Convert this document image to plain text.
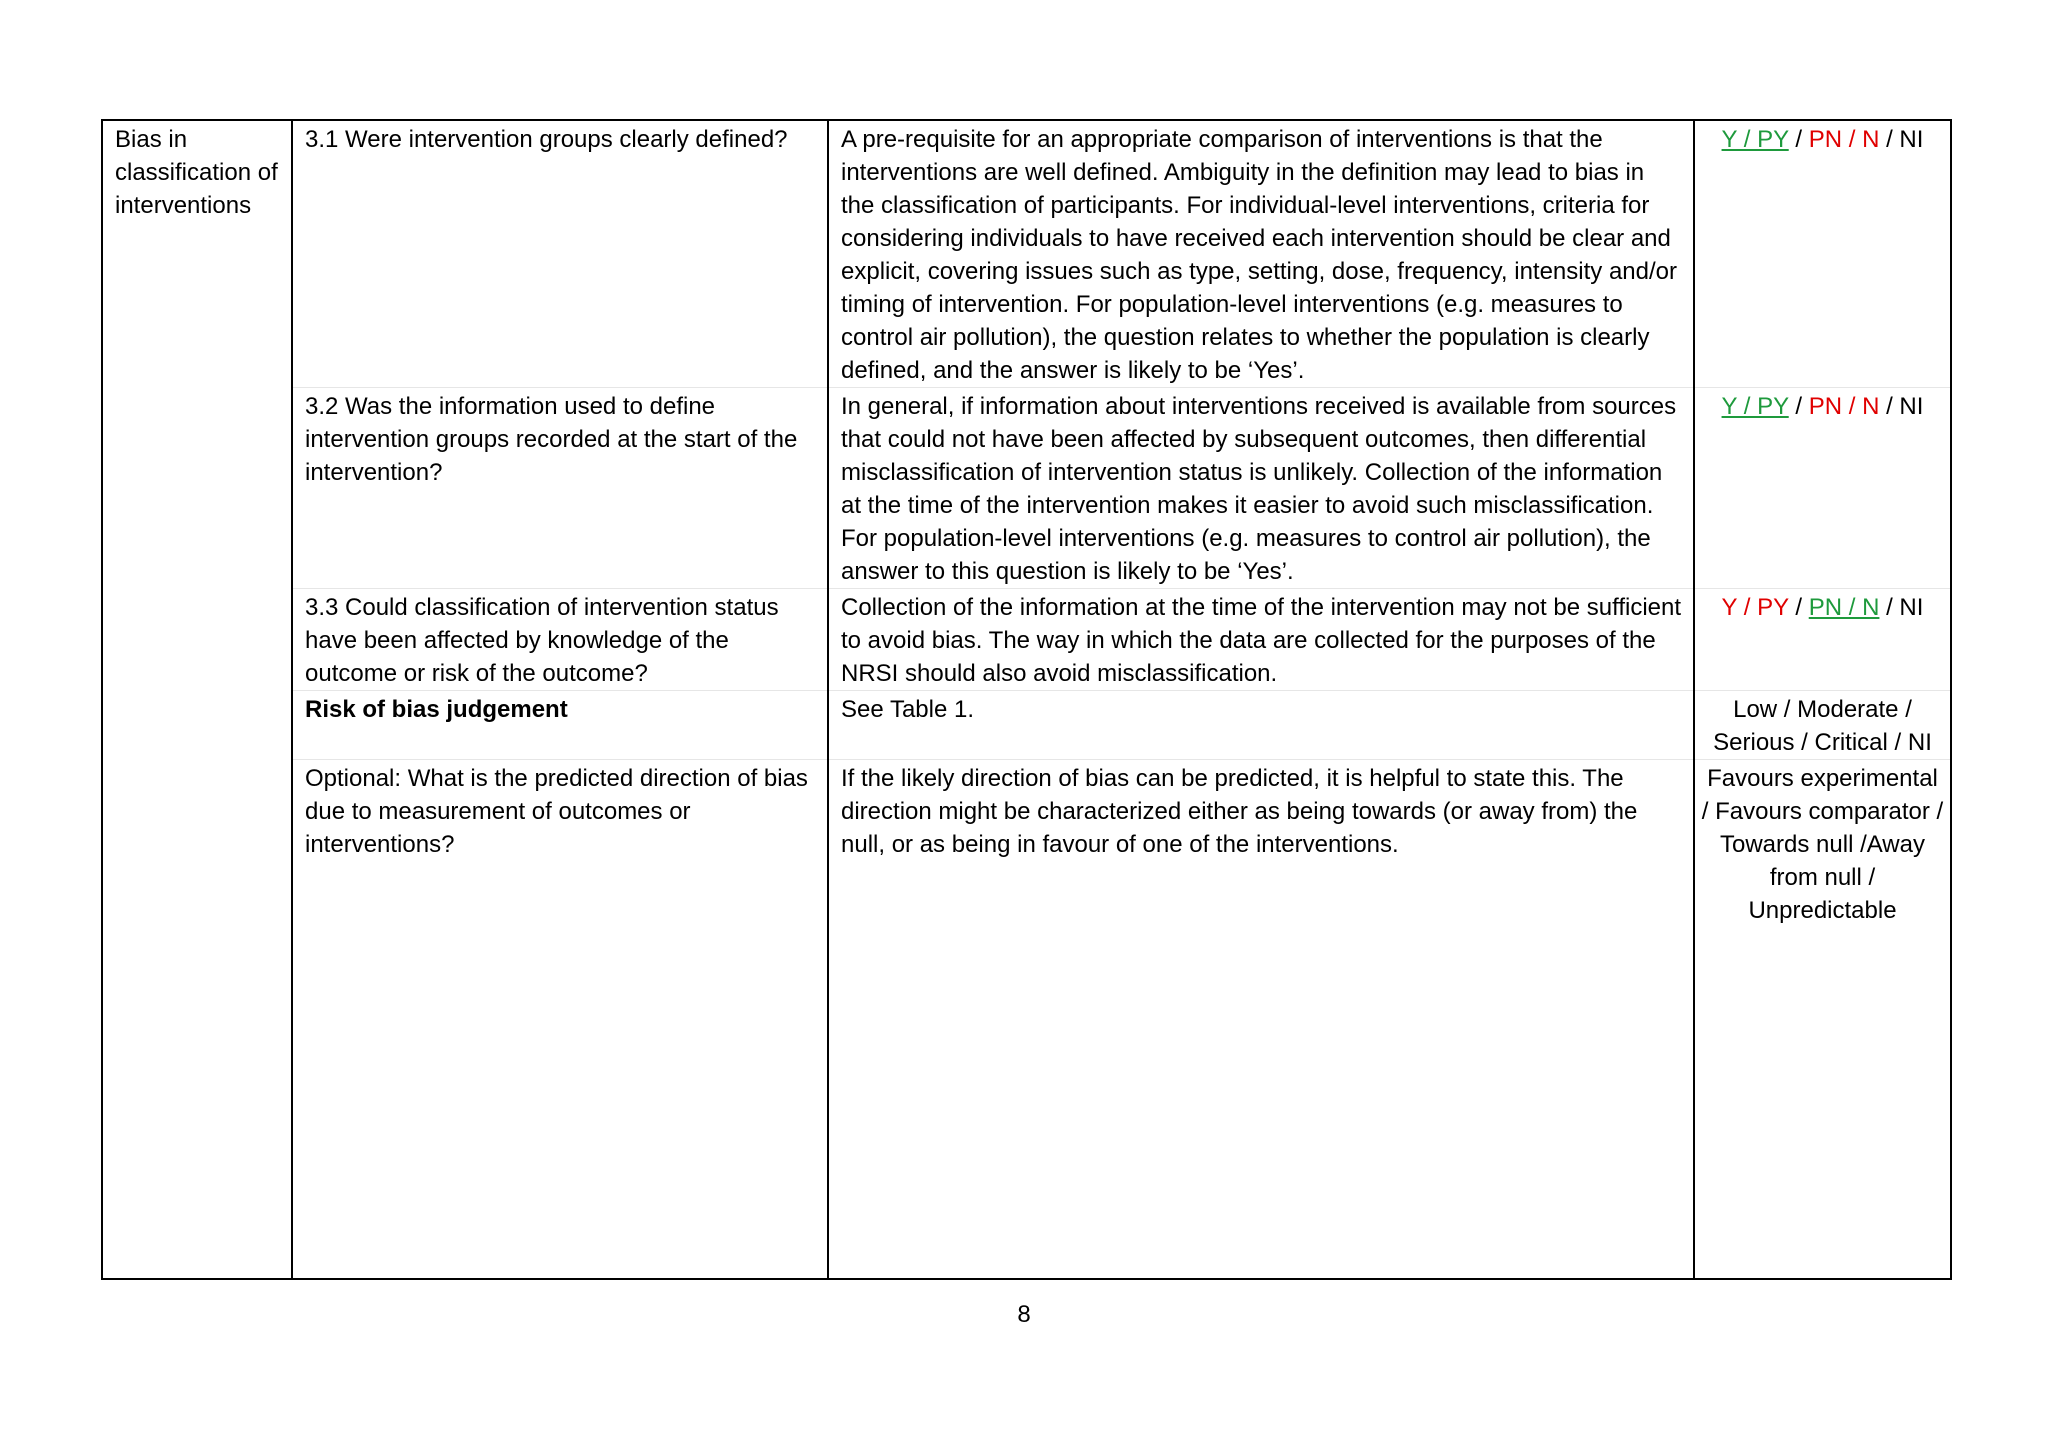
Bias in classification of interventions	3.1 Were intervention groups clearly defined?	A pre-requisite for an appropriate comparison of interventions is that the interventions are well defined. Ambiguity in the definition may lead to bias in the classification of participants. For individual-level interventions, criteria for considering individuals to have received each intervention should be clear and explicit, covering issues such as type, setting, dose, frequency, intensity and/or timing of intervention. For population-level interventions (e.g. measures to control air pollution), the question relates to whether the population is clearly defined, and the answer is likely to be ‘Yes’.	Y / PY / PN / N / NI
	3.2 Was the information used to define intervention groups recorded at the start of the intervention?	In general, if information about interventions received is available from sources that could not have been affected by subsequent outcomes, then differential misclassification of intervention status is unlikely. Collection of the information at the time of the intervention makes it easier to avoid such misclassification. For population-level interventions (e.g. measures to control air pollution), the answer to this question is likely to be ‘Yes’.	Y / PY / PN / N / NI
	3.3 Could classification of intervention status have been affected by knowledge of the outcome or risk of the outcome?	Collection of the information at the time of the intervention may not be sufficient to avoid bias. The way in which the data are collected for the purposes of the NRSI should also avoid misclassification.	Y / PY / PN / N / NI
	Risk of bias judgement	See Table 1.	Low / Moderate / Serious / Critical / NI
	Optional: What is the predicted direction of bias due to measurement of outcomes or interventions?	If the likely direction of bias can be predicted, it is helpful to state this. The direction might be characterized either as being towards (or away from) the null, or as being in favour of one of the interventions.	Favours experimental / Favours comparator / Towards null /Away from null / Unpredictable
8
